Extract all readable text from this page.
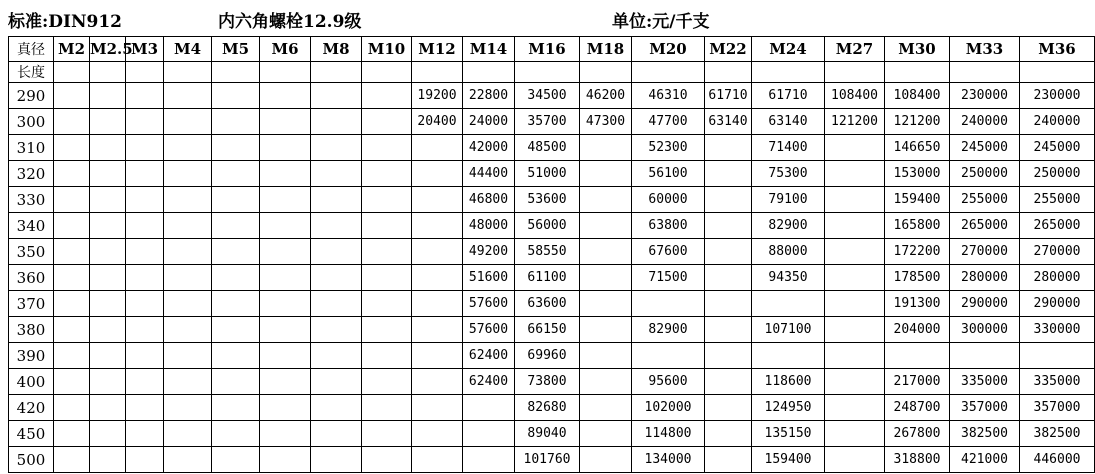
标准:DIN912	内六角螺栓12.9级	单位:元/千支
真径	M2	M2.5	M3	M4	M5	M6	M8	M10	M12	M14	M16	M18	M20	M22	M24	M27	M30	M33	M36
长度																			
290									19200	22800	34500	46200	46310	61710	61710	108400	108400	230000	230000
300									20400	24000	35700	47300	47700	63140	63140	121200	121200	240000	240000
310										42000	48500		52300		71400		146650	245000	245000
320										44400	51000		56100		75300		153000	250000	250000
330										46800	53600		60000		79100		159400	255000	255000
340										48000	56000		63800		82900		165800	265000	265000
350										49200	58550		67600		88000		172200	270000	270000
360										51600	61100		71500		94350		178500	280000	280000
370										57600	63600						191300	290000	290000
380										57600	66150		82900		107100		204000	300000	330000
390										62400	69960								
400										62400	73800		95600		118600		217000	335000	335000
420											82680		102000		124950		248700	357000	357000
450											89040		114800		135150		267800	382500	382500
500											101760		134000		159400		318800	421000	446000
